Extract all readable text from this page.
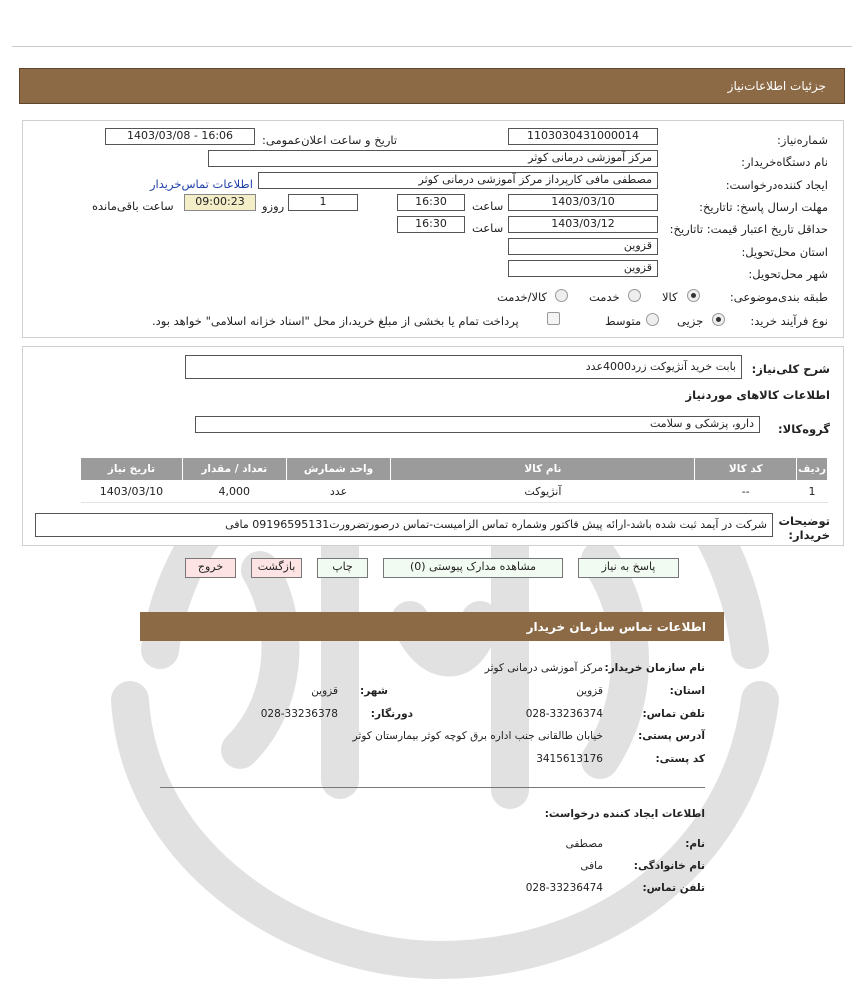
جزئیات اطلاعات‌نیاز
شماره‌نیاز:
1103030431000014
تاریخ و ساعت اعلان‌عمومی:
1403/03/08 - 16:06
نام دستگاه‌خریدار:
مرکز آموزشی درمانی کوثر
ایجاد کننده‌درخواست:
مصطفی مافی کارپرداز مرکز آموزشی درمانی کوثر
اطلاعات تماس‌خریدار
مهلت ارسال پاسخ: تاتاریخ:
1403/03/10
ساعت
16:30
1
روزو
09:00:23
ساعت باقی‌مانده
حداقل تاریخ اعتبار قیمت: تاتاریخ:
1403/03/12
ساعت
16:30
استان محل‌تحویل:
قزوین
شهر محل‌تحویل:
قزوین
طبقه بندی‌موضوعی:
کالا
خدمت
کالا/خدمت
نوع فرآیند خرید:
جزیی
متوسط
پرداخت تمام یا بخشی از مبلغ خرید،از محل "اسناد خزانه اسلامی" خواهد بود.
شرح کلی‌نیاز:
بابت خرید آنژیوکت زرد4000عدد
اطلاعات کالاهای موردنیاز
گروه‌کالا:
دارو، پزشکی و سلامت
ردیف	کد کالا	نام کالا	واحد شمارش	تعداد / مقدار	تاریخ نیاز
1	--	آنژیوکت	عدد	4,000	1403/03/10
توضیحات خریدار:
شرکت در آیمد ثبت شده باشد-ارائه پیش فاکتور وشماره تماس الزامیست-تماس درصورتضرورت09196595131 مافی
پاسخ به نیاز
مشاهده مدارک پیوستی (0)
چاپ
بازگشت
خروج
اطلاعات تماس سازمان خریدار
نام سازمان خریدار:
مرکز آموزشی درمانی کوثر
استان:
قزوین
شهر:
قزوین
تلفن تماس:
028-33236374
دورنگار:
028-33236378
آدرس پستی:
خیابان طالقانی جنب اداره برق کوچه کوثر بیمارستان کوثر
کد پستی:
3415613176
اطلاعات ایجاد کننده درخواست:
نام:
مصطفی
نام خانوادگی:
مافی
تلفن تماس:
028-33236474
